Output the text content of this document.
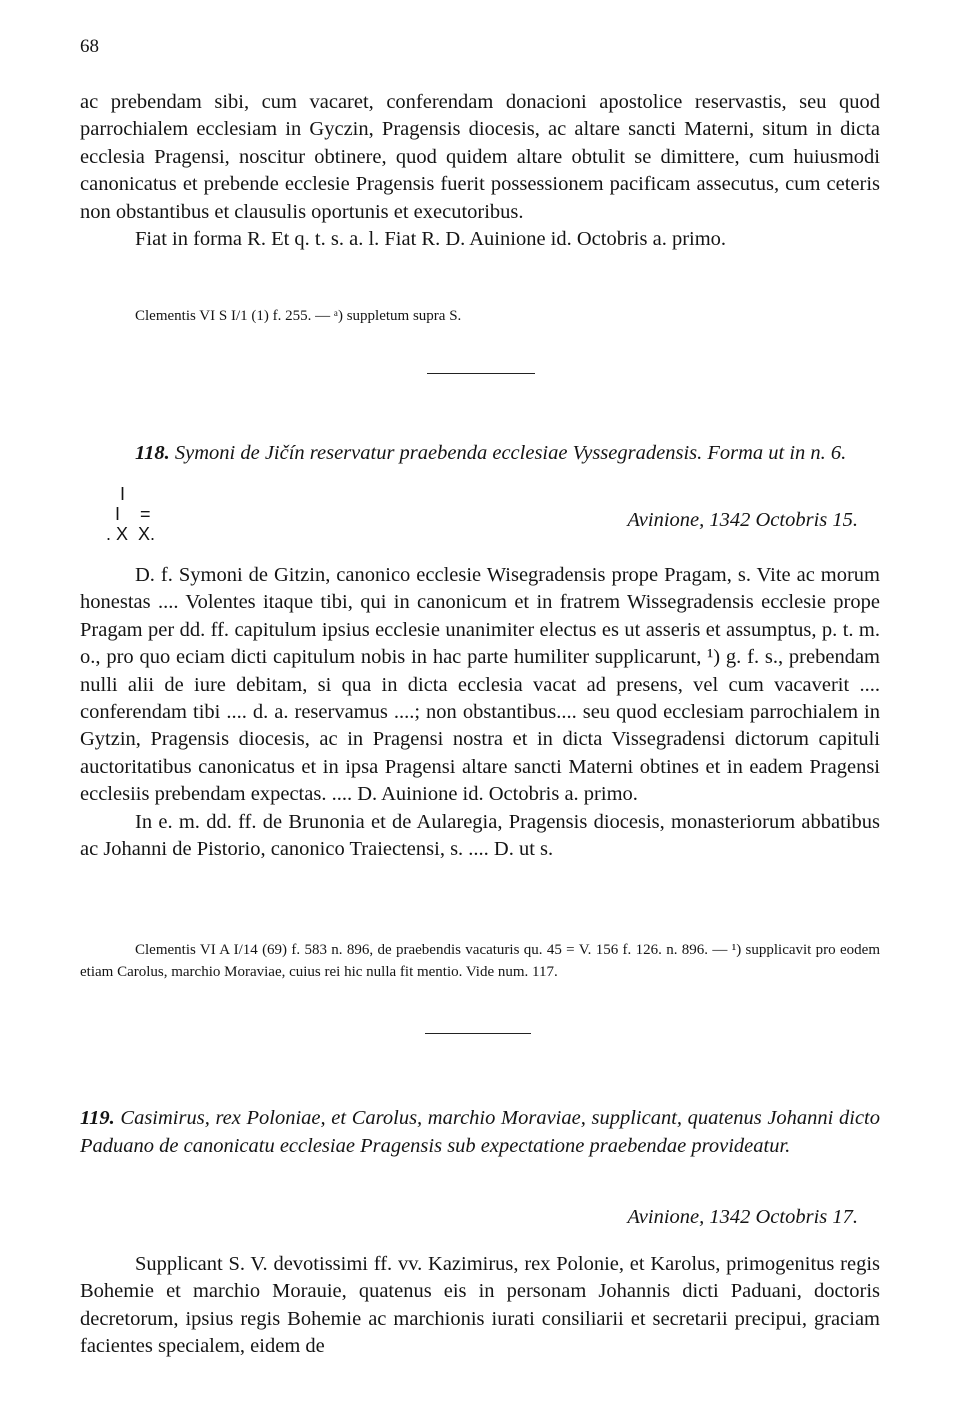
68

ac prebendam sibi, cum vacaret, conferendam donacioni apostolice reservastis, seu quod parrochialem ecclesiam in Gyczin, Pragensis diocesis, ac altare sancti Materni, situm in dicta ecclesia Pragensi, noscitur obtinere, quod quidem altare obtulit se dimittere, cum huiusmodi canonicatus et prebende ecclesie Pragensis fuerit possessionem pacificam assecutus, cum ceteris non obstantibus et clausulis oportunis et executoribus.

Fiat in forma R. Et q. t. s. a. l. Fiat R. D. Auinione id. Octobris a. primo.

Clementis VI S I/1 (1) f. 255. — ᵃ) suppletum supra S.
118. Symoni de Jičín reservatur praebenda ecclesiae Vyssegradensis. Forma ut in n. 6.
I
I =
. X  X.
Avinione, 1342 Octobris 15.

D. f. Symoni de Gitzin, canonico ecclesie Wisegradensis prope Pragam, s. Vite ac morum honestas .... Volentes itaque tibi, qui in canonicum et in fratrem Wissegradensis ecclesie prope Pragam per dd. ff. capitulum ipsius ecclesie unanimiter electus es ut asseris et assumptus, p. t. m. o., pro quo eciam dicti capitulum nobis in hac parte humiliter supplicarunt, ¹) g. f. s., prebendam nulli alii de iure debitam, si qua in dicta ecclesia vacat ad presens, vel cum vacaverit .... conferendam tibi .... d. a. reservamus ....; non obstantibus.... seu quod ecclesiam parrochialem in Gytzin, Pragensis diocesis, ac in Pragensi nostra et in dicta Vissegradensi dictorum capituli auctoritatibus canonicatus et in ipsa Pragensi altare sancti Materni obtines et in eadem Pragensi ecclesiis prebendam expectas. .... D. Auinione id. Octobris a. primo.

In e. m. dd. ff. de Brunonia et de Aularegia, Pragensis diocesis, monasteriorum abbatibus ac Johanni de Pistorio, canonico Traiectensi, s. .... D. ut s.

Clementis VI A I/14 (69) f. 583 n. 896, de praebendis vacaturis qu. 45 = V. 156 f. 126. n. 896. — ¹) supplicavit pro eodem etiam Carolus, marchio Moraviae, cuius rei hic nulla fit mentio. Vide num. 117.

119. Casimirus, rex Poloniae, et Carolus, marchio Moraviae, supplicant, quatenus Johanni dicto Paduano de canonicatu ecclesiae Pragensis sub expectatione praebendae provideatur.

Avinione, 1342 Octobris 17.

Supplicant S. V. devotissimi ff. vv. Kazimirus, rex Polonie, et Karolus, primogenitus regis Bohemie et marchio Morauie, quatenus eis in personam Johannis dicti Paduani, doctoris decretorum, ipsius regis Bohemie ac marchionis iurati consiliarii et secretarii precipui, graciam facientes specialem, eidem de
